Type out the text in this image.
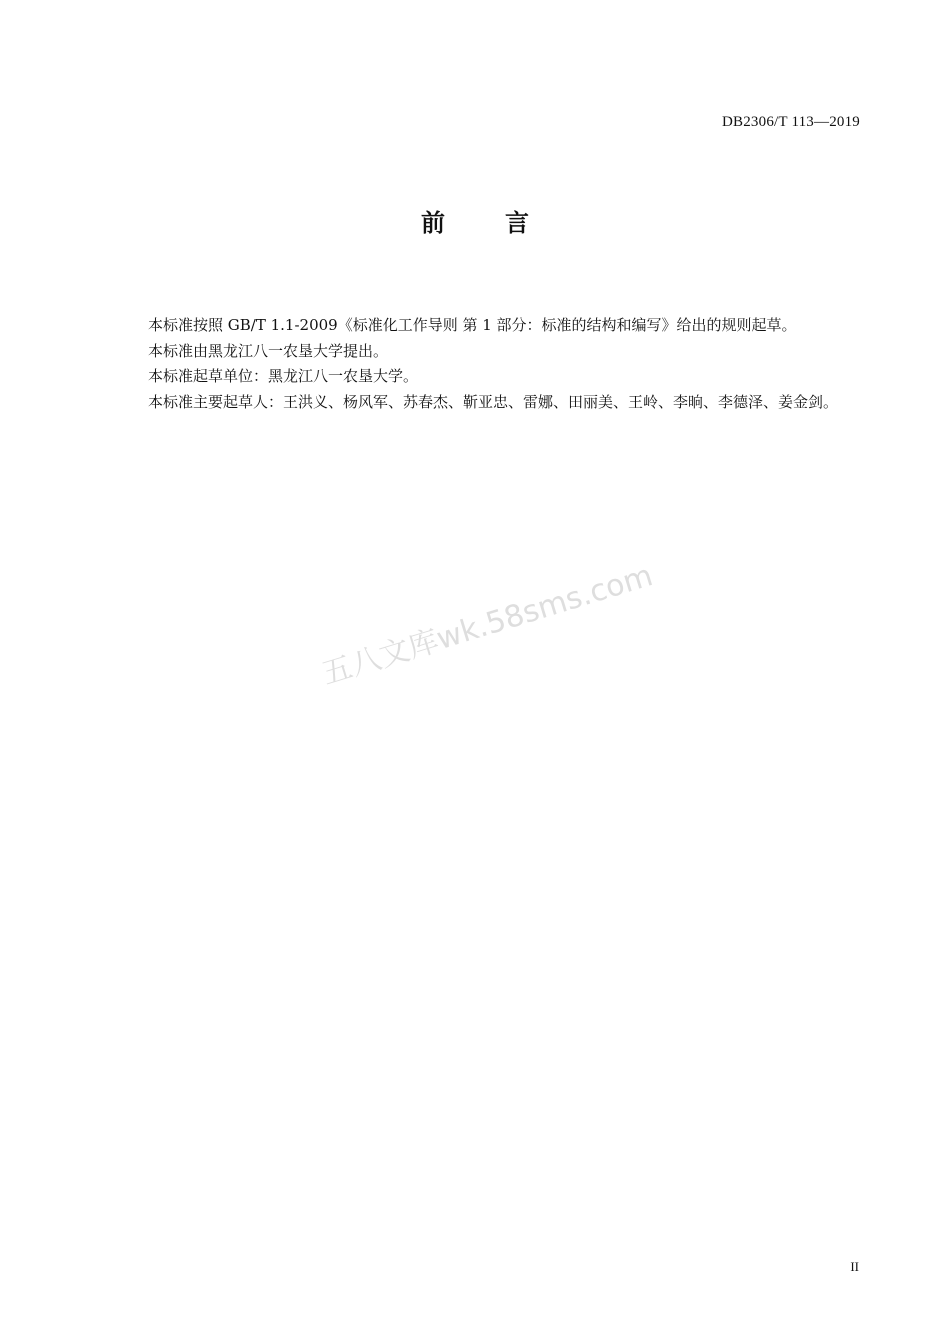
DB2306/T 113—2019
前言

本标准按照 GB/T 1.1-2009《标准化工作导则 第 1 部分：标准的结构和编写》给出的规则起草。

本标准由黑龙江八一农垦大学提出。

本标准起草单位：黑龙江八一农垦大学。

本标准主要起草人：王洪义、杨风军、苏春杰、靳亚忠、雷娜、田丽美、王岭、李晌、李德泽、姜金剑。

五八文库wk.58sms.com
II
